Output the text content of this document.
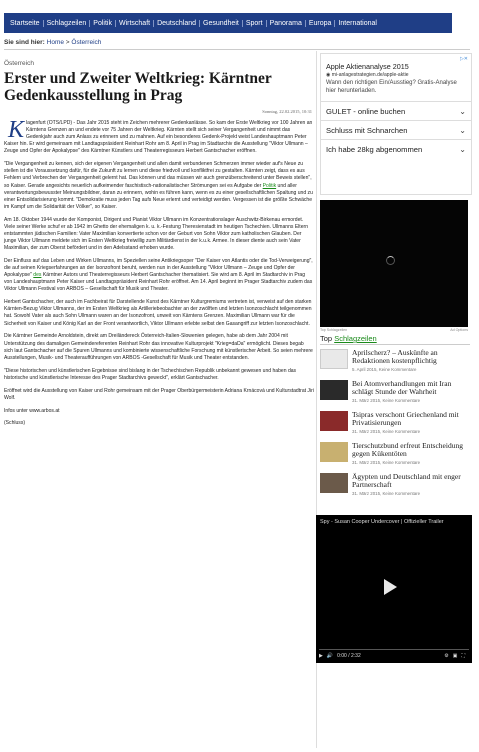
Startseite	Schlagzeilen	Politik	Wirtschaft	Deutschland	Gesundheit	Sport	Panorama	Europa	International
Sie sind hier: Home > Österreich
Österreich
Erster und Zweiter Weltkrieg: Kärntner Gedenkausstellung in Prag
Sonntag, 22.02.2015, 10:31

Klagenfurt (OTS/LPD) - Das Jahr 2015 steht im Zeichen mehrerer Gedenkanlässe. So kam der Erste Weltkrieg vor 100 Jahren an Kärntens Grenzen an und endete vor 75 Jahren der Weltkrieg. Kärnten stellt sich seiner Vergangenheit und nimmt das Gedenkjahr auch zum Anlass zu erinnern und zu mahnen. Auf ein besonderes Gedenk-Projekt weist Landeshauptmann Peter Kaiser hin. Er wird gemeinsam mit Landtagspräsident Reinhart Rohr am 8. April in Prag im Stadtarchiv die Ausstellung "Viktor Ullmann – Zeuge und Opfer der Apokalypse" des Kärntner Künstlers und Theaterregisseurs Herbert Gantschacher eröffnen.

"Die Vergangenheit zu kennen, sich der eigenen Vergangenheit und allen damit verbundenen Schmerzen immer wieder auf's Neue zu stellen ist die Voraussetzung dafür, für die Zukunft zu lernen und diese friedvoll und konfliktfrei zu gestalten. Kärnten zeigt, dass es aus Fehlern und Verbrechen der Vergangenheit gelernt hat. Das können und das müssen wir auch grenzüberschreitend unter Beweis stellen", so Kaiser. Gerade angesichts neuerlich aufkeimender faschistisch-nationalistischer Strömungen sei es Aufgabe der Politik und aller verantwortungsbewusster Meinungsbildner, daran zu erinnern, wohin es führen kann, wenn es zu einer gesellschaftlichen Spaltung und zu einer Entsolidarisierung kommt. "Demokratie muss jeden Tag aufs Neue erlernt und verteidigt werden. Vergessen ist die größte Schwäche im Kampf um die Solidarität der Völker", so Kaiser.

Am 18. Oktober 1944 wurde der Komponist, Dirigent und Pianist Viktor Ullmann im Konzentrationslager Auschwitz-Birkenau ermordet. Viele seiner Werke schuf er ab 1942 im Ghetto der ehemaligen k. u. k.-Festung Theresienstadt im heutigen Tschechien. Ullmanns Eltern entstammten jüdischen Familien: Vater Maximilian konvertierte schon vor der Geburt von Sohn Viktor zum katholischen Glauben. Der junge Viktor Ullmann meldete sich im Ersten Weltkrieg freiwillig zum Militärdienst in der k.u.k. Armee. In dieser diente auch sein Vater Maximilian, der zum Oberst befördert und in den Adelsstand erhoben wurde.

Der Einfluss auf das Leben und Wirken Ullmanns, im Speziellen seine Antikriegsoper "Der Kaiser von Atlantis oder die Tod-Verweigerung", die auf seinen Kriegserfahrungen an der Isonzofront beruht, werden nun in der Ausstellung "Viktor Ullmann – Zeuge und Opfer der Apokalypse" des Kärntner Autors und Theaterregisseurs Herbert Gantschacher thematisiert. Sie wird am 8. April im Stadtarchiv in Prag von Landeshauptmann Peter Kaiser und Landtagspräsident Reinhart Rohr eröffnet. Am 14. April beginnt im Prager Stadtarchiv zudem das Viktor Ullmann Festival von ARBOS – Gesellschaft für Musik und Theater.

Herbert Gantschacher, der auch im Fachbeirat für Darstellende Kunst des Kärntner Kulturgremiums vertreten ist, verweist auf den starken Kärnten-Bezug Viktor Ullmanns, der im Ersten Weltkrieg als Artilleriebeobachter an der zwölften und letzten Isonzoschlacht teilgenommen hat. Sowohl Vater als auch Sohn Ullmann waren an der Isonzofront, unweit von Kärntens Grenzen. Maximilian Ullmann war für die Sicherheit von Kaiser und König Karl an der Front verantwortlich, Viktor Ullmann erlebte selbst den Gasangriff zur letzten Isonzoschlacht.

Die Kärntner Gemeinde Arnoldstein, direkt am Dreiländereck Österreich-Italien-Slowenien gelegen, habe ab dem Jahr 2004 mit Unterstützung des damaligen Gemeindereferenten Reinhart Rohr das innovative Kulturprojekt "Krieg=daDa" ermöglicht. Dieses begab sich laut Gantschacher auf die Spuren Ullmanns und kombinierte wissenschaftliche Forschung mit künstlerischer Arbeit. So seien mehrere Ausstellungen, Musik- und Theateraufführungen von ARBOS -Gesellschaft für Musik und Theater entstanden.

"Diese historischen und künstlerischen Ergebnisse sind bislang in der Tschechischen Republik unbekannt gewesen und haben das historische und künstlerische Interesse des Prager Stadtarchivs geweckt", erklärt Gantschacher.

Eröffnet wird die Ausstellung von Kaiser und Rohr gemeinsam mit der Prager Oberbürgermeisterin Adriana Krnácová und Kulturstadtrat Jiri Wolf.

Infos unter www.arbos.at

(Schluss)

▷✕
Apple Aktienanalyse 2015
◉ mi-anlagestrategien.de/apple-aktie
Wann den richtigen Ein/Ausstieg? Gratis-Analyse hier herunterladen.
GULET - online buchen	⌄
Schluss mit Schnarchen	⌄
Ich habe 28kg abgenommen	⌄
Top Schlagzeilen	Ad Options
Top Schlagzeilen
Aprilscherz? – Auskünfte an Redaktionen kostenpflichtig
5. April 2015, Keine Kommentare
Bei Atomverhandlungen mit Iran schlägt Stunde der Wahrheit
31. März 2015, Keine Kommentare
Tsipras verschont Griechenland mit Privatisierungen
31. März 2015, Keine Kommentare
Tierschutzbund erfreut Entscheidung gegen Kükentöten
31. März 2015, Keine Kommentare
Ägypten und Deutschland mit enger Partnerschaft
31. März 2015, Keine Kommentare
Spy - Susan Cooper Undercover | Offizieller Trailer
▶ 🔊 0:00 / 2:32	⚙ ▣ ⛶
